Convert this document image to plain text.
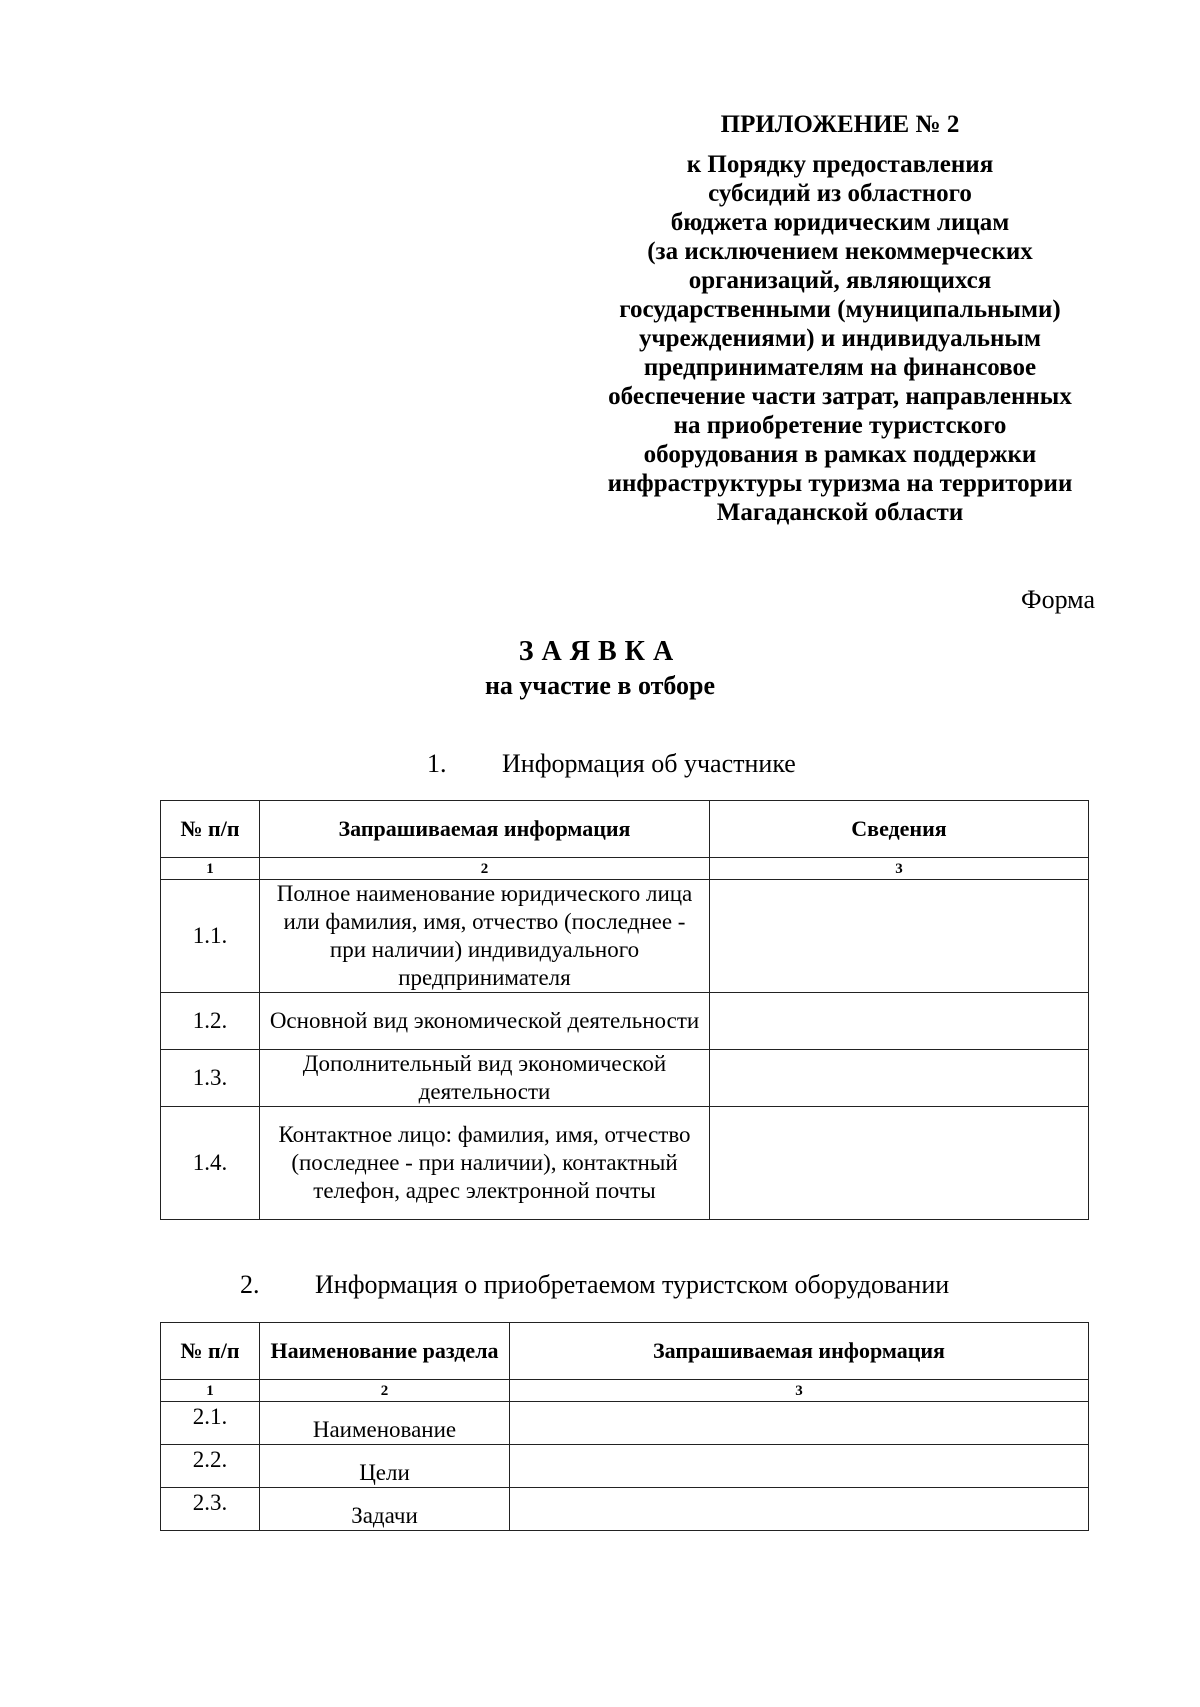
ПРИЛОЖЕНИЕ № 2
к Порядку предоставления
субсидий из областного
бюджета юридическим лицам
(за исключением некоммерческих
организаций, являющихся
государственными (муниципальными)
учреждениями) и индивидуальным
предпринимателям на финансовое
обеспечение части затрат, направленных
на приобретение туристского
оборудования в рамках поддержки
инфраструктуры туризма на территории
Магаданской области
Форма
ЗАЯВКА
на участие в отборе
1. Информация об участнике
№ п/п	Запрашиваемая информация	Сведения
1	2	3
1.1.	Полное наименование юридического лица или фамилия, имя, отчество (последнее - при наличии) индивидуального предпринимателя	
1.2.	Основной вид экономической деятельности	
1.3.	Дополнительный вид экономической деятельности	
1.4.	Контактное лицо: фамилия, имя, отчество (последнее - при наличии), контактный телефон, адрес электронной почты	
2. Информация о приобретаемом туристском оборудовании
№ п/п	Наименование раздела	Запрашиваемая информация
1	2	3
2.1.	Наименование	
2.2.	Цели	
2.3.	Задачи	
